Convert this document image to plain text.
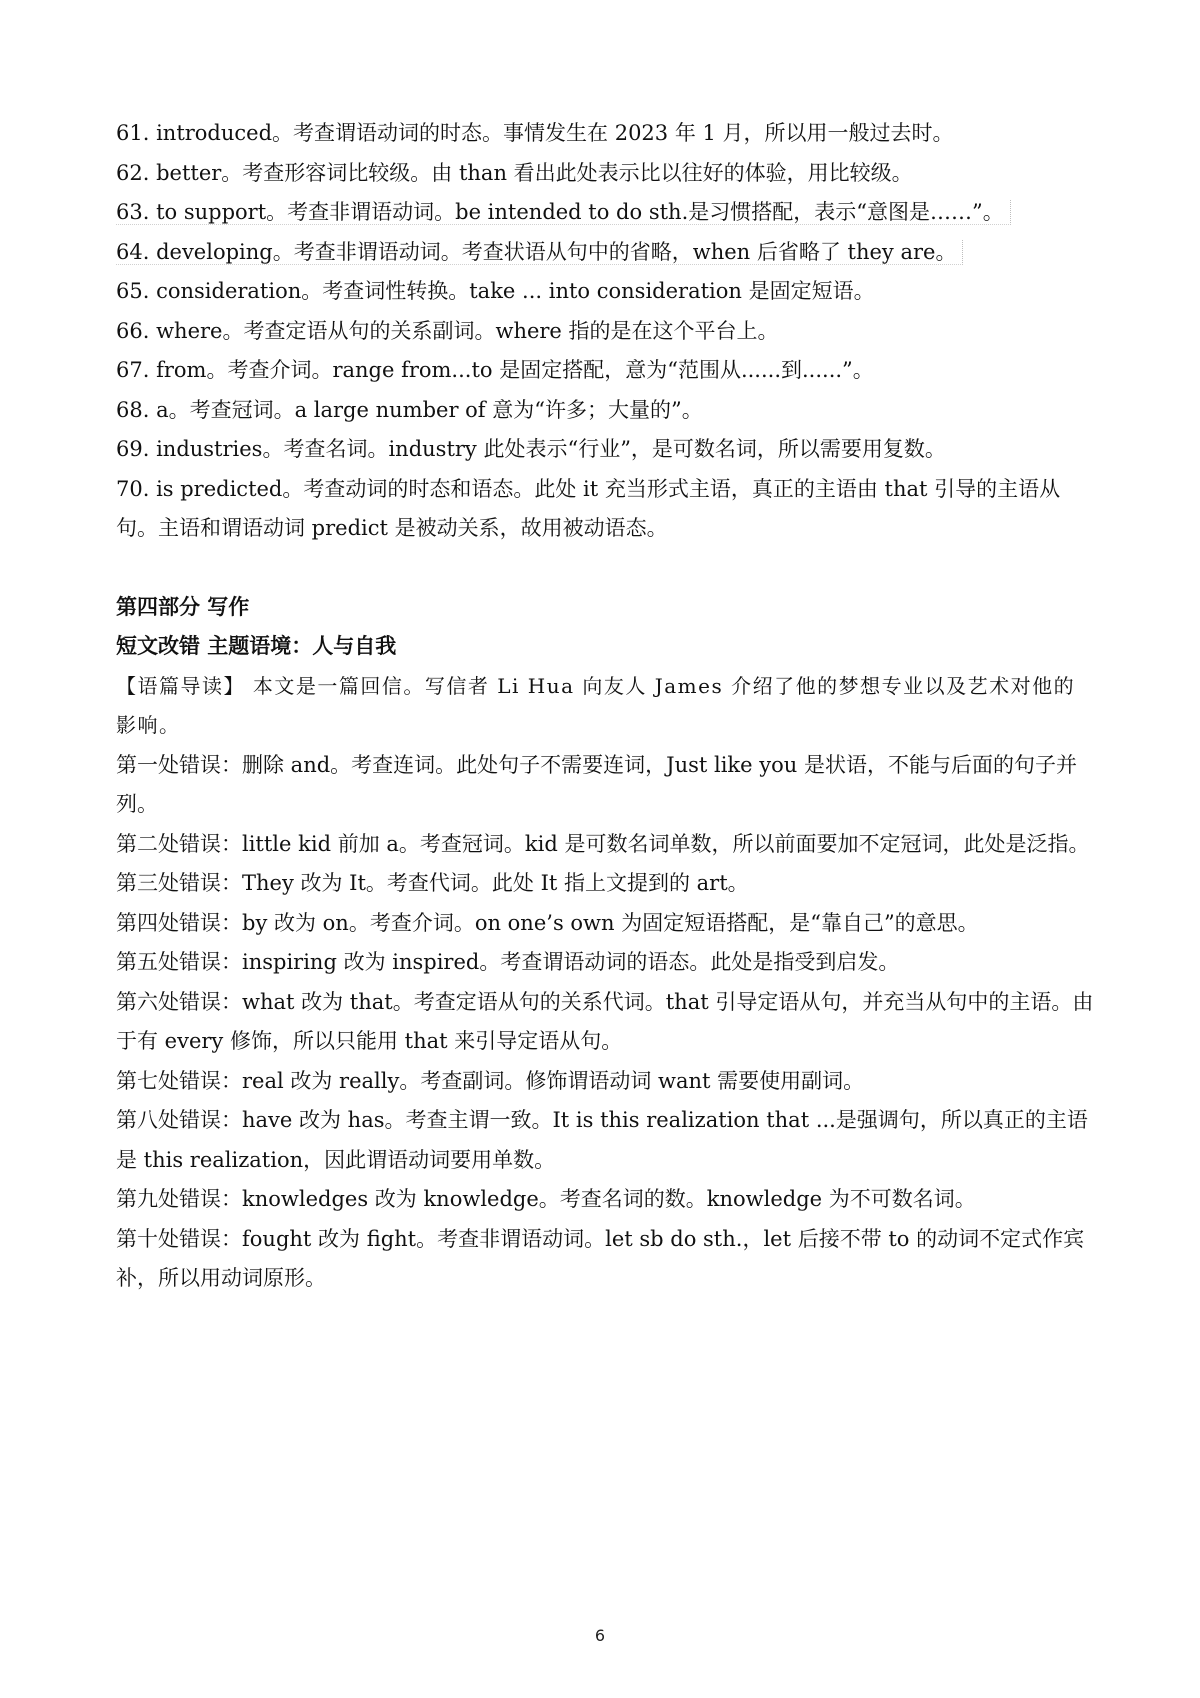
61. introduced。考查谓语动词的时态。事情发生在 2023 年 1 月，所以用一般过去时。
62. better。考查形容词比较级。由 than 看出此处表示比以往好的体验，用比较级。
63. to support。考查非谓语动词。be intended to do sth.是习惯搭配，表示“意图是……”。
64. developing。考查非谓语动词。考查状语从句中的省略，when 后省略了 they are。
65. consideration。考查词性转换。take ... into consideration 是固定短语。
66. where。考查定语从句的关系副词。where 指的是在这个平台上。
67. from。考查介词。range from...to 是固定搭配，意为“范围从......到......”。
68. a。考查冠词。a large number of 意为“许多；大量的”。
69. industries。考查名词。industry 此处表示“行业”，是可数名词，所以需要用复数。
70. is predicted。考查动词的时态和语态。此处 it 充当形式主语，真正的主语由 that 引导的主语从句。主语和谓语动词 predict 是被动关系，故用被动语态。
第四部分 写作
短文改错 主题语境：人与自我
【语篇导读】 本文是一篇回信。写信者 Li Hua 向友人 James 介绍了他的梦想专业以及艺术对他的影响。
第一处错误：删除 and。考查连词。此处句子不需要连词，Just like you 是状语，不能与后面的句子并列。
第二处错误：little kid 前加 a。考查冠词。kid 是可数名词单数，所以前面要加不定冠词，此处是泛指。
第三处错误：They 改为 It。考查代词。此处 It 指上文提到的 art。
第四处错误：by 改为 on。考查介词。on one’s own 为固定短语搭配，是“靠自己”的意思。
第五处错误：inspiring 改为 inspired。考查谓语动词的语态。此处是指受到启发。
第六处错误：what 改为 that。考查定语从句的关系代词。that 引导定语从句，并充当从句中的主语。由于有 every 修饰，所以只能用 that 来引导定语从句。
第七处错误：real 改为 really。考查副词。修饰谓语动词 want 需要使用副词。
第八处错误：have 改为 has。考查主谓一致。It is this realization that ...是强调句，所以真正的主语是 this realization，因此谓语动词要用单数。
第九处错误：knowledges 改为 knowledge。考查名词的数。knowledge 为不可数名词。
第十处错误：fought 改为 fight。考查非谓语动词。let sb do sth.，let 后接不带 to 的动词不定式作宾补，所以用动词原形。
6
